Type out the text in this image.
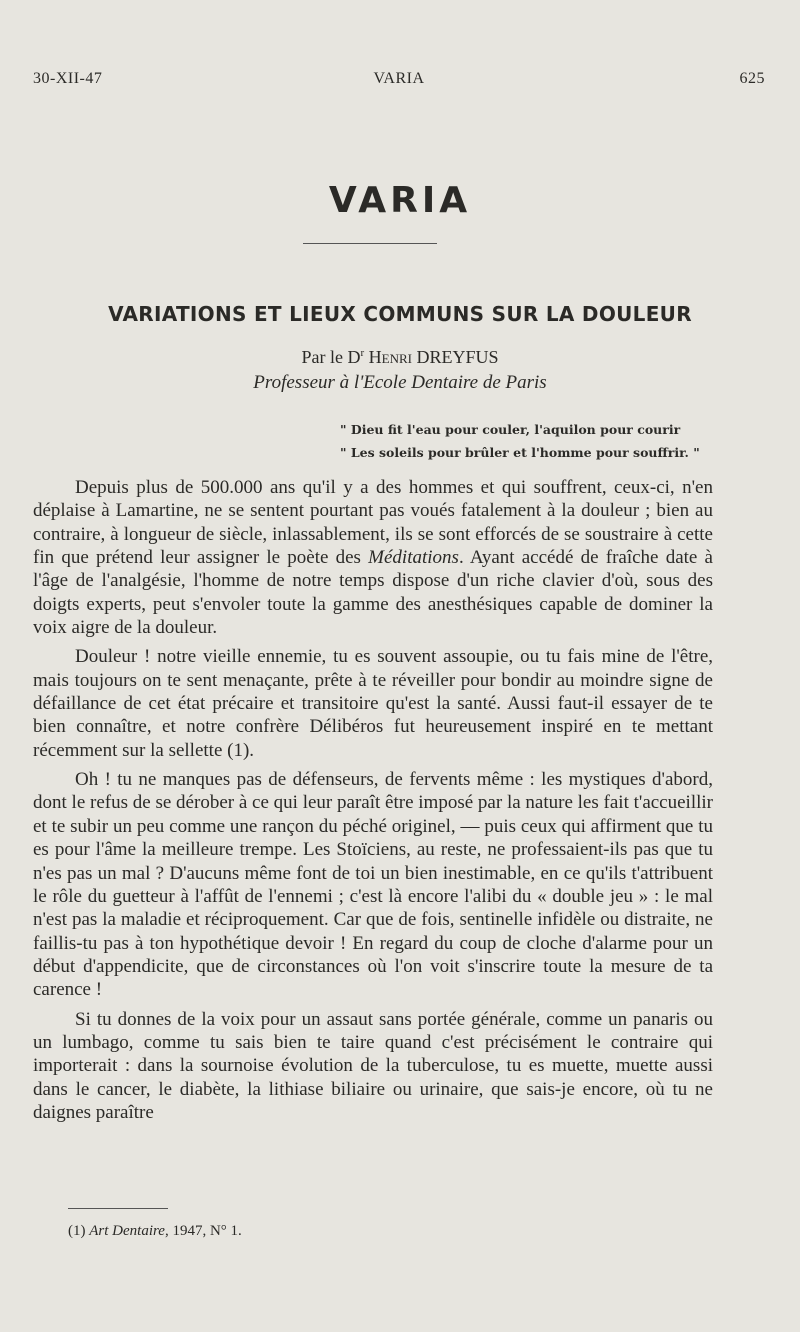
30-XII-47	VARIA	625
VARIA
VARIATIONS ET LIEUX COMMUNS SUR LA DOULEUR
Par le $D^r$ Henri DREYFUS
Professeur à l'Ecole Dentaire de Paris
" Dieu fit l'eau pour couler, l'aquilon pour courir
" Les soleils pour brûler et l'homme pour souffrir. "

Depuis plus de 500.000 ans qu'il y a des hommes et qui souffrent, ceux-ci, n'en déplaise à Lamartine, ne se sentent pourtant pas voués fatalement à la douleur ; bien au contraire, à longueur de siècle, inlassablement, ils se sont efforcés de se soustraire à cette fin que prétend leur assigner le poète des Méditations. Ayant accédé de fraîche date à l'âge de l'analgésie, l'homme de notre temps dispose d'un riche clavier d'où, sous des doigts experts, peut s'envoler toute la gamme des anesthésiques capable de dominer la voix aigre de la douleur.

Douleur ! notre vieille ennemie, tu es souvent assoupie, ou tu fais mine de l'être, mais toujours on te sent menaçante, prête à te réveiller pour bondir au moindre signe de défaillance de cet état précaire et transitoire qu'est la santé. Aussi faut-il essayer de te bien connaître, et notre confrère Délibéros fut heureusement inspiré en te mettant récemment sur la sellette (1).

Oh ! tu ne manques pas de défenseurs, de fervents même : les mystiques d'abord, dont le refus de se dérober à ce qui leur paraît être imposé par la nature les fait t'accueillir et te subir un peu comme une rançon du péché originel, — puis ceux qui affirment que tu es pour l'âme la meilleure trempe. Les Stoïciens, au reste, ne professaient-ils pas que tu n'es pas un mal ? D'aucuns même font de toi un bien inestimable, en ce qu'ils t'attribuent le rôle du guetteur à l'affût de l'ennemi ; c'est là encore l'alibi du « double jeu » : le mal n'est pas la maladie et réciproquement. Car que de fois, sentinelle infidèle ou distraite, ne faillis-tu pas à ton hypothétique devoir ! En regard du coup de cloche d'alarme pour un début d'appendicite, que de circonstances où l'on voit s'inscrire toute la mesure de ta carence !

Si tu donnes de la voix pour un assaut sans portée générale, comme un panaris ou un lumbago, comme tu sais bien te taire quand c'est précisément le contraire qui importerait : dans la sournoise évolution de la tuberculose, tu es muette, muette aussi dans le cancer, le diabète, la lithiase biliaire ou urinaire, que sais-je encore, où tu ne daignes paraître

(1) Art Dentaire, 1947, N° 1.
